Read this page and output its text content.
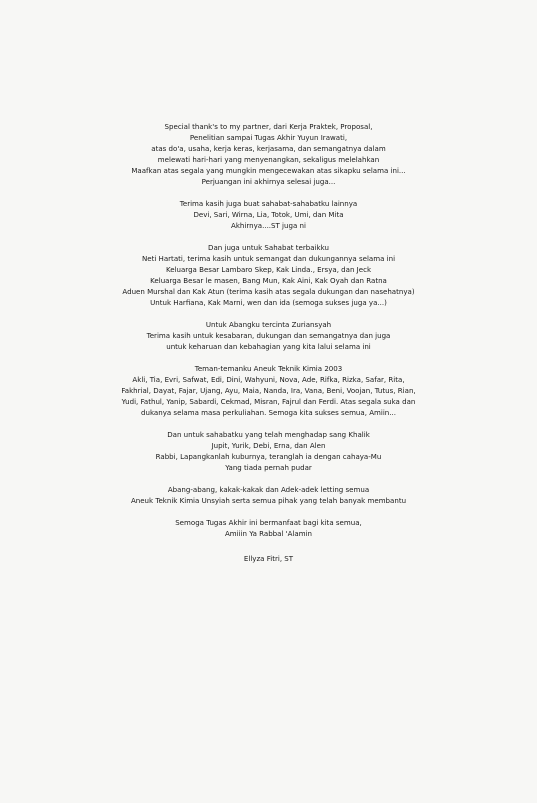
Special thank's to my partner, dari Kerja Praktek, Proposal,
Penelitian sampai Tugas Akhir Yuyun Irawati,
atas do'a, usaha, kerja keras, kerjasama, dan semangatnya dalam
melewati hari-hari yang menyenangkan, sekaligus melelahkan
Maafkan atas segala yang mungkin mengecewakan atas sikapku selama ini...
Perjuangan ini akhirnya selesai juga...
Terima kasih juga buat sahabat-sahabatku lainnya
Devi, Sari, Wirna, Lia, Totok, Umi, dan Mita
Akhirnya....ST juga ni
Dan juga untuk Sahabat terbaikku
Neti Hartati, terima kasih untuk semangat dan dukungannya selama ini
Keluarga Besar Lambaro Skep, Kak Linda., Ersya, dan Jeck
Keluarga Besar le masen, Bang Mun, Kak Aini, Kak Oyah dan Ratna
Aduen Murshal dan Kak Atun (terima kasih atas segala dukungan dan nasehatnya)
Untuk Harfiana, Kak Marni, wen dan ida (semoga sukses juga ya...)
Untuk Abangku tercinta Zuriansyah
Terima kasih untuk kesabaran, dukungan dan semangatnya dan juga
untuk keharuan dan kebahagian yang kita lalui selama ini
Teman-temanku Aneuk Teknik Kimia 2003
Akli, Tia, Evri, Safwat, Edi, Dini, Wahyuni, Nova, Ade, Rifka, Rizka, Safar, Rita,
Fakhrial, Dayat, Fajar, Ujang, Ayu, Maia, Nanda, Ira, Vana, Beni, Voojan, Tutus, Rian,
Yudi, Fathul, Yanip, Sabardi, Cekmad, Misran, Fajrul dan Ferdi. Atas segala suka dan
dukanya selama masa perkuliahan. Semoga kita sukses semua, Amiin...
Dan untuk sahabatku yang telah menghadap sang Khalik
Jupit, Yurik, Debi, Erna, dan Alen
Rabbi, Lapangkanlah kuburnya, teranglah ia dengan cahaya-Mu
Yang tiada pernah pudar
Abang-abang, kakak-kakak dan Adek-adek letting semua
Aneuk Teknik Kimia Unsyiah serta semua pihak yang telah banyak membantu
Semoga Tugas Akhir ini bermanfaat bagi kita semua,
Amiiin Ya Rabbal 'Alamin
Ellyza Fitri, ST
